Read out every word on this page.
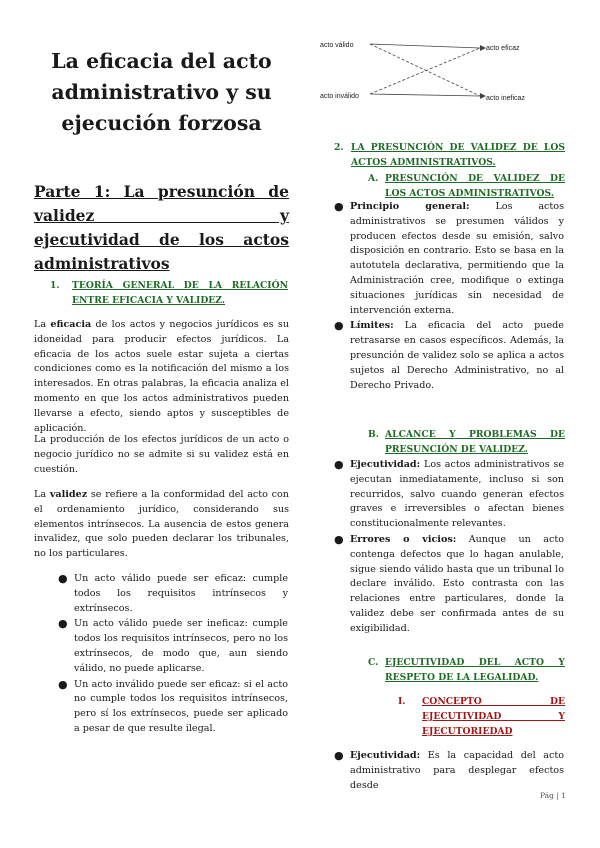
La eficacia del acto
administrativo y su
ejecución forzosa
Parte 1: La presunción de validez y
ejecutividad de los actos
administrativos
1. TEORÍA GENERAL DE LA RELACIÓN ENTRE EFICACIA Y VALIDEZ.

La eficacia de los actos y negocios jurídicos es su idoneidad para producir efectos jurídicos. La eficacia de los actos suele estar sujeta a ciertas condiciones como es la notificación del mismo a los interesados. En otras palabras, la eficacia analiza el momento en que los actos administrativos pueden llevarse a efecto, siendo aptos y susceptibles de aplicación.

La producción de los efectos jurídicos de un acto o negocio jurídico no se admite si su validez está en cuestión.

La validez se refiere a la conformidad del acto con el ordenamiento jurídico, considerando sus elementos intrínsecos. La ausencia de estos genera invalidez, que solo pueden declarar los tribunales, no los particulares.

● Un acto válido puede ser eficaz: cumple todos los requisitos intrínsecos y extrínsecos.
● Un acto válido puede ser ineficaz: cumple todos los requisitos intrínsecos, pero no los extrínsecos, de modo que, aun siendo válido, no puede aplicarse.
● Un acto inválido puede ser eficaz: si el acto no cumple todos los requisitos intrínsecos, pero sí los extrínsecos, puede ser aplicado a pesar de que resulte ilegal.
acto válido
acto inválido
acto eficaz
acto ineficaz
2. LA PRESUNCIÓN DE VALIDEZ DE LOS ACTOS ADMINISTRATIVOS.
A. PRESUNCIÓN DE VALIDEZ DE LOS ACTOS ADMINISTRATIVOS.
● Principio general: Los actos administrativos se presumen válidos y producen efectos desde su emisión, salvo disposición en contrario. Esto se basa en la autotutela declarativa, permitiendo que la Administración cree, modifique o extinga situaciones jurídicas sin necesidad de intervención externa.
● Límites: La eficacia del acto puede retrasarse en casos específicos. Además, la presunción de validez solo se aplica a actos sujetos al Derecho Administrativo, no al Derecho Privado.
B. ALCANCE Y PROBLEMAS DE PRESUNCIÓN DE VALIDEZ.
● Ejecutividad: Los actos administrativos se ejecutan inmediatamente, incluso si son recurridos, salvo cuando generan efectos graves e irreversibles o afectan bienes constitucionalmente relevantes.
● Errores o vicios: Aunque un acto contenga defectos que lo hagan anulable, sigue siendo válido hasta que un tribunal lo declare inválido. Esto contrasta con las relaciones entre particulares, donde la validez debe ser confirmada antes de su exigibilidad.
C. EJECUTIVIDAD DEL ACTO Y RESPETO DE LA LEGALIDAD.
I. CONCEPTO DE EJECUTIVIDAD Y EJECUTORIEDAD
● Ejecutividad: Es la capacidad del acto administrativo para desplegar efectos desde
Pág | 1
